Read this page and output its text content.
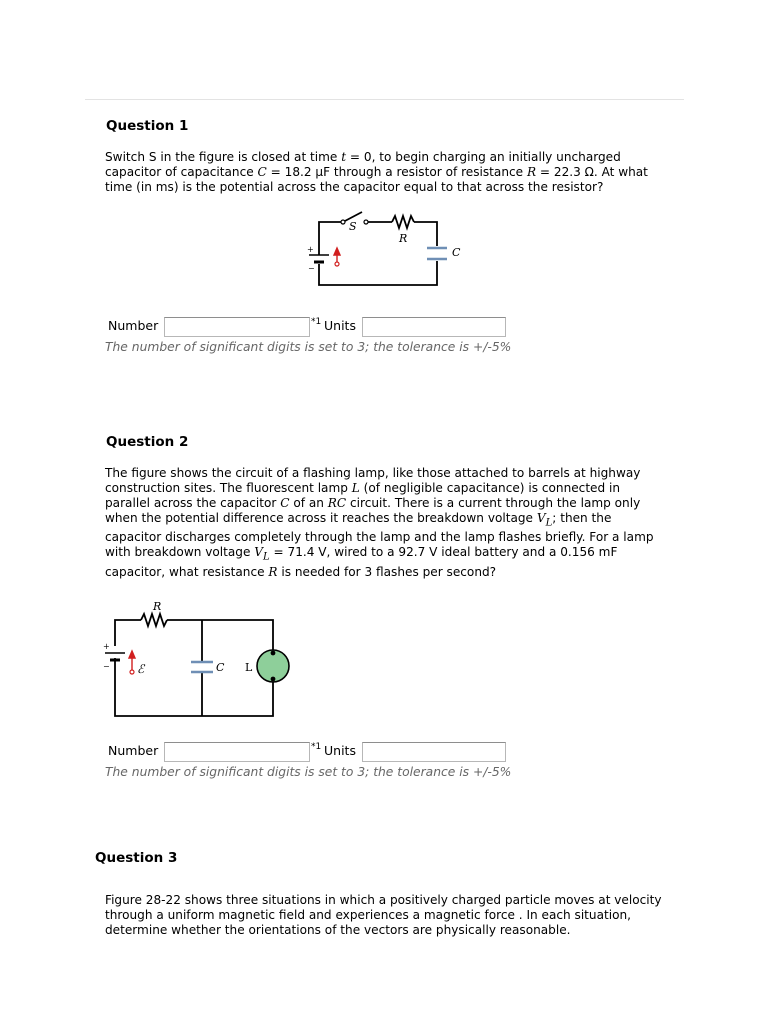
Question 1

Switch S in the figure is closed at time t = 0, to begin charging an initially uncharged capacitor of capacitance C = 18.2 μF through a resistor of resistance R = 22.3 Ω. At what time (in ms) is the potential across the capacitor equal to that across the resistor?

+
−
S
R
C
Number	*1 Units

The number of significant digits is set to 3; the tolerance is +/-5%

Question 2

The figure shows the circuit of a flashing lamp, like those attached to barrels at highway construction sites. The fluorescent lamp L (of negligible capacitance) is connected in parallel across the capacitor C of an RC circuit. There is a current through the lamp only when the potential difference across it reaches the breakdown voltage $V_L$; then the capacitor discharges completely through the lamp and the lamp flashes briefly. For a lamp with breakdown voltage $V_L = 71.4$ V, wired to a 92.7 V ideal battery and a 0.156 mF capacitor, what resistance R is needed for 3 flashes per second?

+
−
R
ℰ	C L
Number	*1 Units

The number of significant digits is set to 3; the tolerance is +/-5%

Question 3

Figure 28-22 shows three situations in which a positively charged particle moves at velocity through a uniform magnetic field and experiences a magnetic force . In each situation, determine whether the orientations of the vectors are physically reasonable.
